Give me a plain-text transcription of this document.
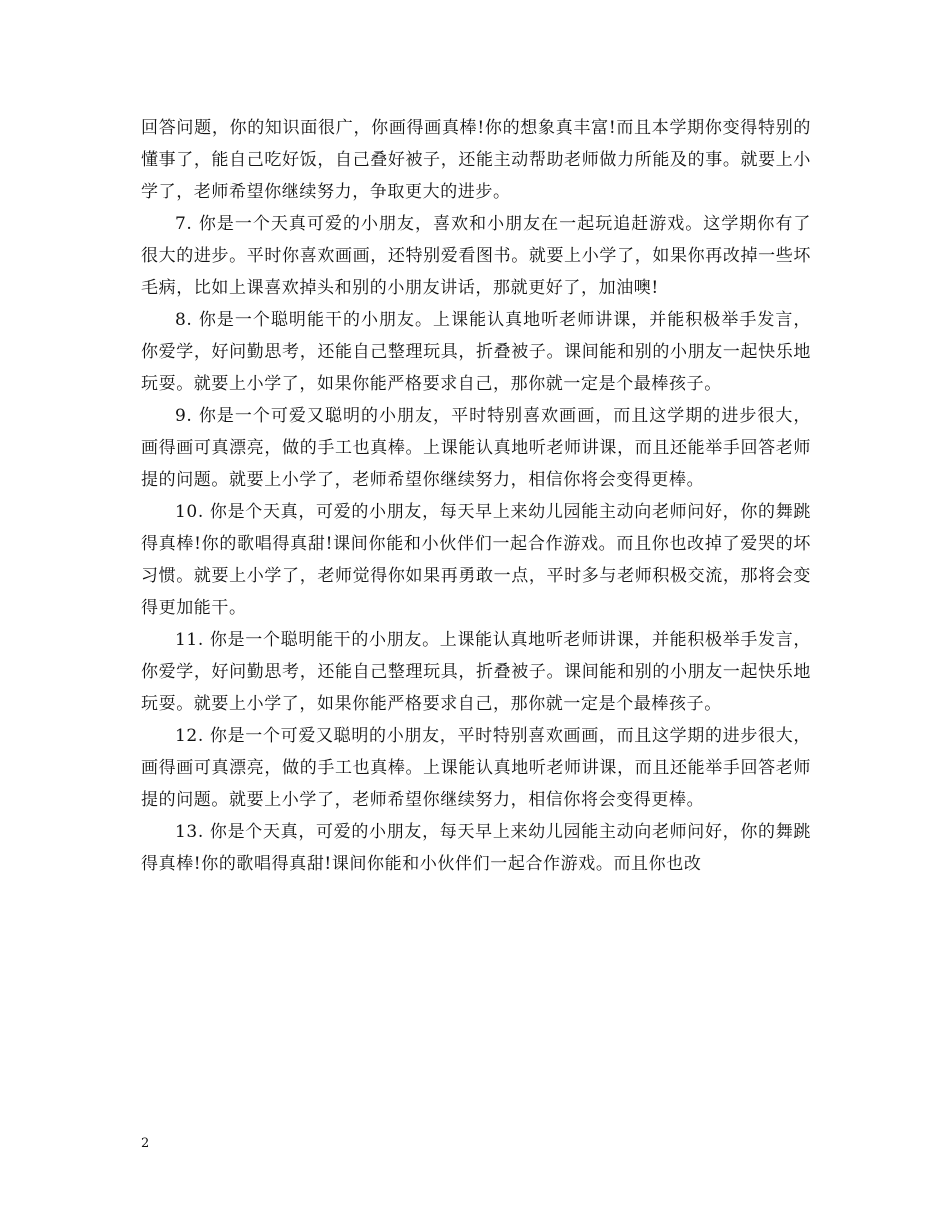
回答问题，你的知识面很广，你画得画真棒!你的想象真丰富!而且本学期你变得特别的懂事了，能自己吃好饭，自己叠好被子，还能主动帮助老师做力所能及的事。就要上小学了，老师希望你继续努力，争取更大的进步。

7. 你是一个天真可爱的小朋友，喜欢和小朋友在一起玩追赶游戏。这学期你有了很大的进步。平时你喜欢画画，还特别爱看图书。就要上小学了，如果你再改掉一些坏毛病，比如上课喜欢掉头和别的小朋友讲话，那就更好了，加油噢!

8. 你是一个聪明能干的小朋友。上课能认真地听老师讲课，并能积极举手发言，你爱学，好问勤思考，还能自己整理玩具，折叠被子。课间能和别的小朋友一起快乐地玩耍。就要上小学了，如果你能严格要求自己，那你就一定是个最棒孩子。

9. 你是一个可爱又聪明的小朋友，平时特别喜欢画画，而且这学期的进步很大，画得画可真漂亮，做的手工也真棒。上课能认真地听老师讲课，而且还能举手回答老师提的问题。就要上小学了，老师希望你继续努力，相信你将会变得更棒。

10. 你是个天真，可爱的小朋友，每天早上来幼儿园能主动向老师问好，你的舞跳得真棒!你的歌唱得真甜!课间你能和小伙伴们一起合作游戏。而且你也改掉了爱哭的坏习惯。就要上小学了，老师觉得你如果再勇敢一点，平时多与老师积极交流，那将会变得更加能干。

11. 你是一个聪明能干的小朋友。上课能认真地听老师讲课，并能积极举手发言，你爱学，好问勤思考，还能自己整理玩具，折叠被子。课间能和别的小朋友一起快乐地玩耍。就要上小学了，如果你能严格要求自己，那你就一定是个最棒孩子。

12. 你是一个可爱又聪明的小朋友，平时特别喜欢画画，而且这学期的进步很大，画得画可真漂亮，做的手工也真棒。上课能认真地听老师讲课，而且还能举手回答老师提的问题。就要上小学了，老师希望你继续努力，相信你将会变得更棒。

13. 你是个天真，可爱的小朋友，每天早上来幼儿园能主动向老师问好，你的舞跳得真棒!你的歌唱得真甜!课间你能和小伙伴们一起合作游戏。而且你也改

2
